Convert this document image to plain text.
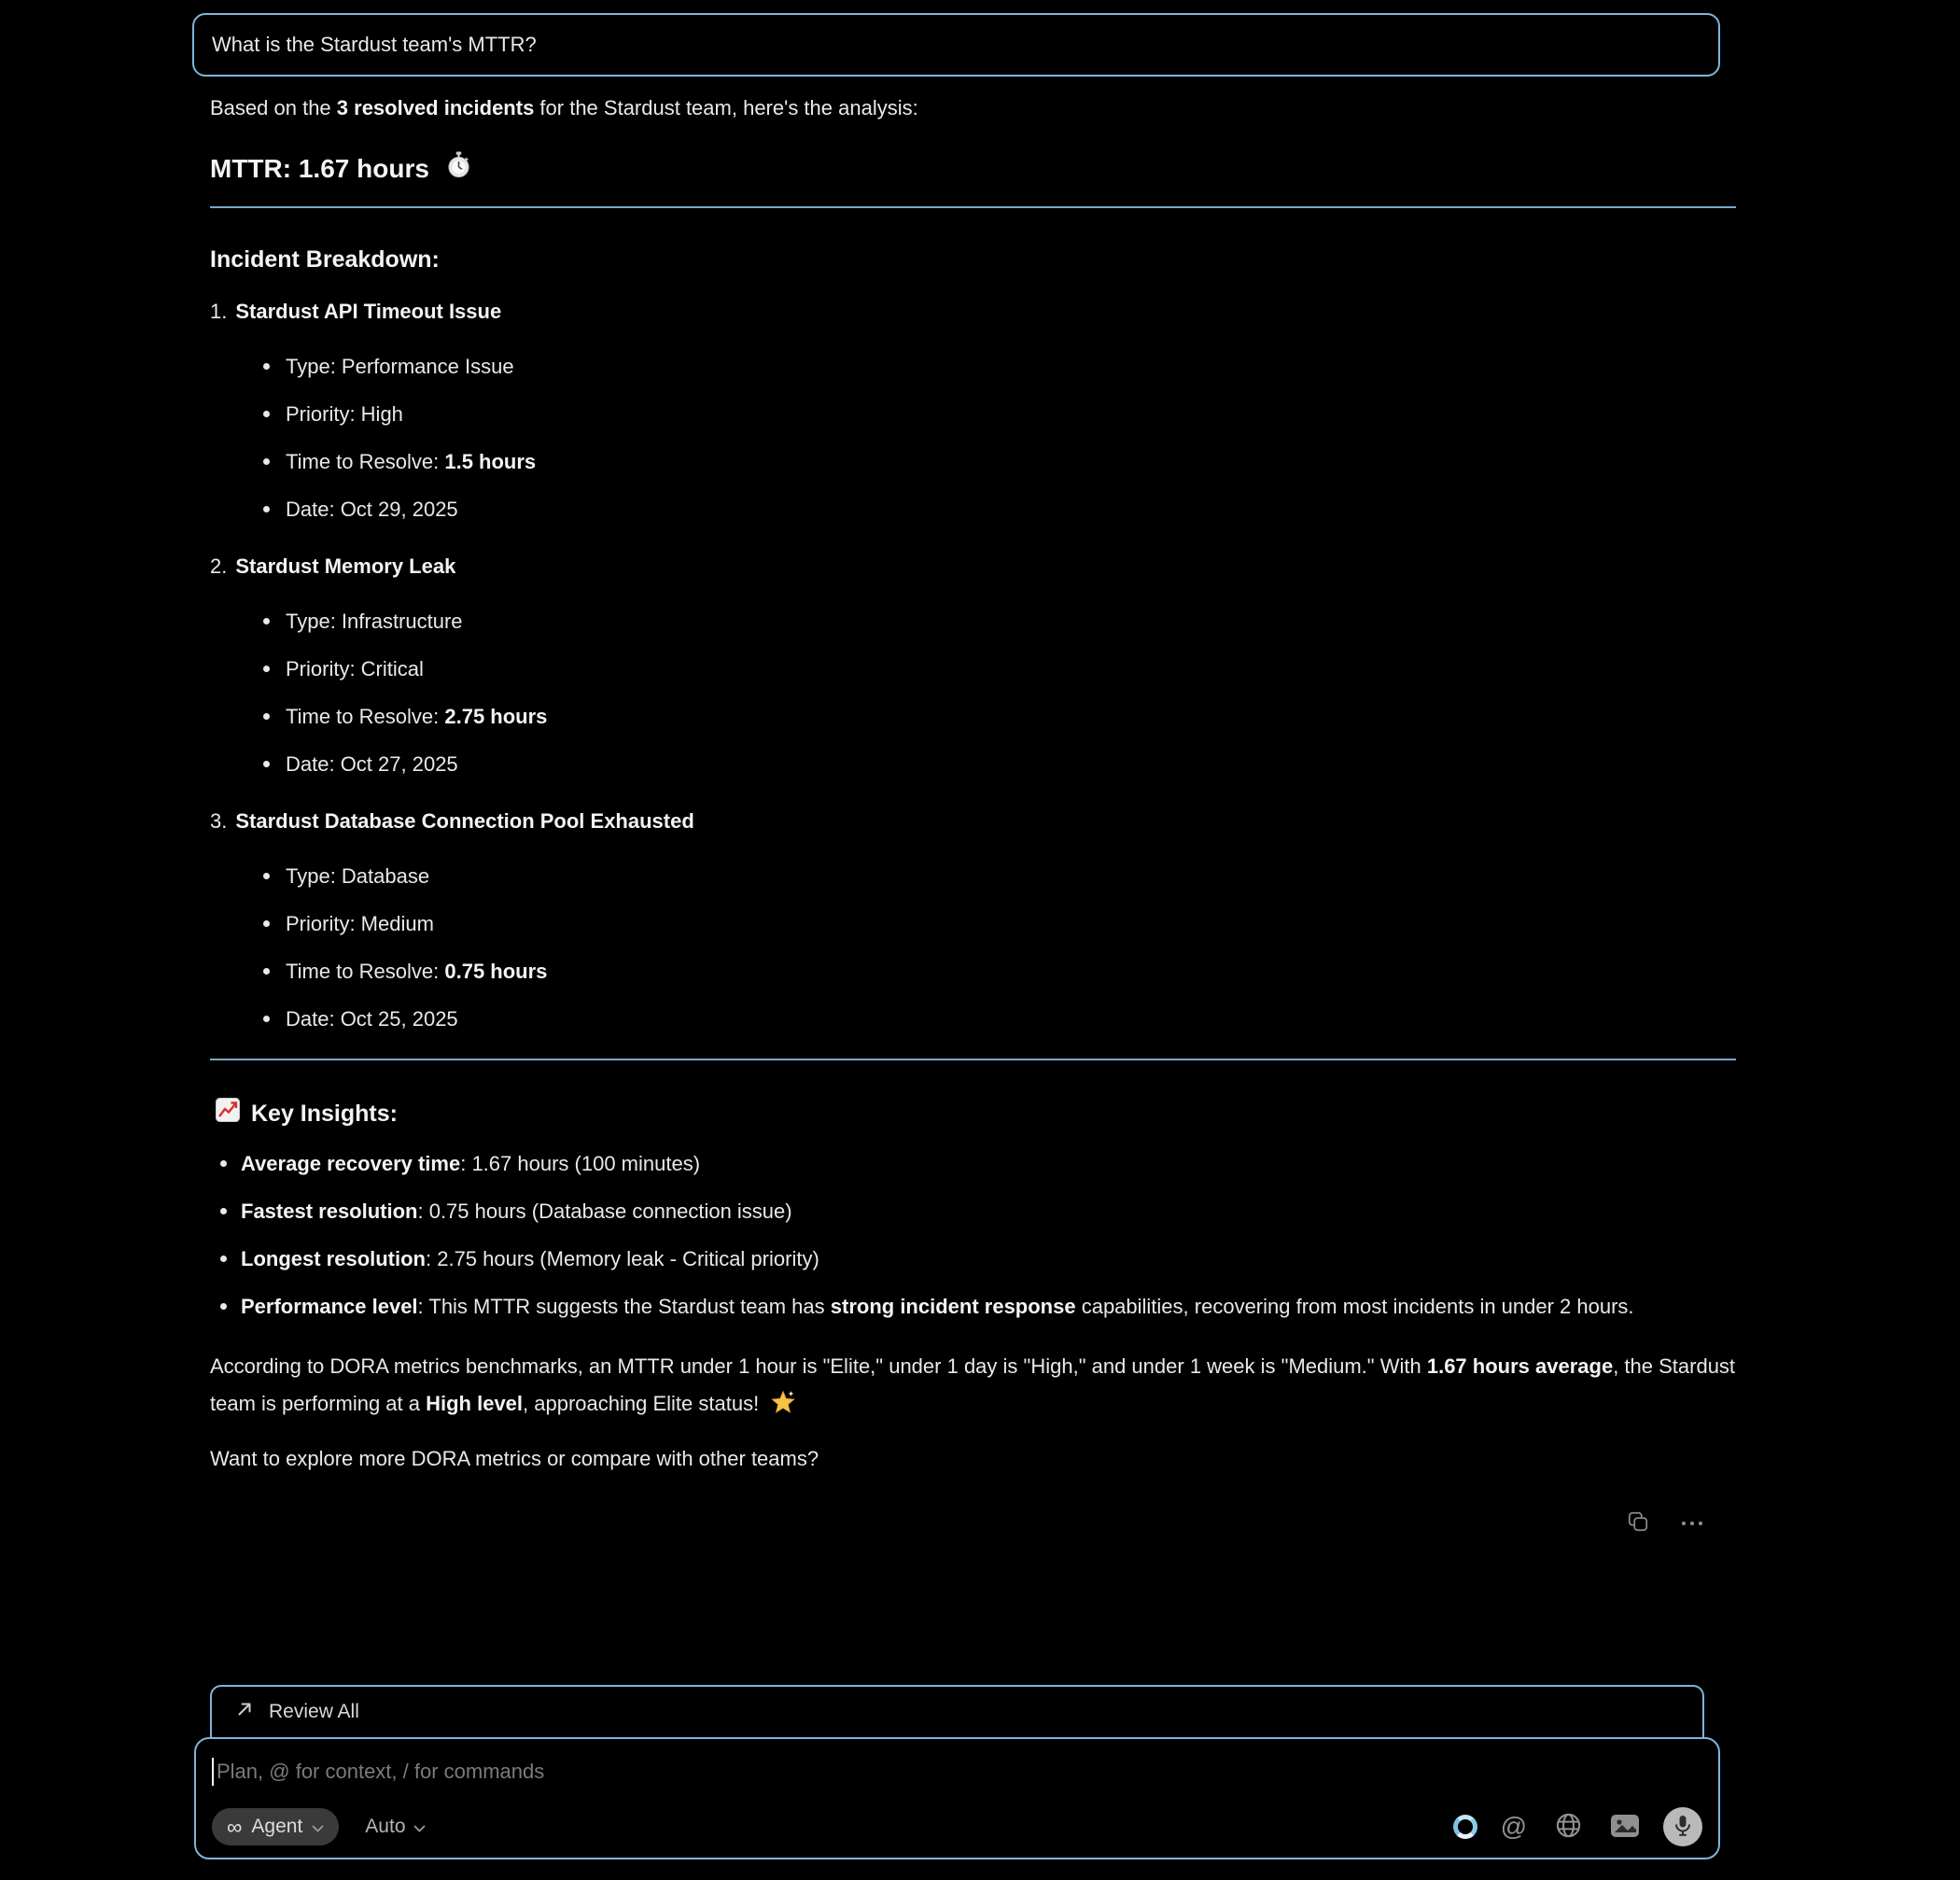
What is the Stardust team's MTTR?

Based on the 3 resolved incidents for the Stardust team, here's the analysis:

MTTR: 1.67 hours
Incident Breakdown:
1. Stardust API Timeout Issue
Type: Performance Issue
Priority: High
Time to Resolve: 1.5 hours
Date: Oct 29, 2025
2. Stardust Memory Leak
Type: Infrastructure
Priority: Critical
Time to Resolve: 2.75 hours
Date: Oct 27, 2025
3. Stardust Database Connection Pool Exhausted
Type: Database
Priority: Medium
Time to Resolve: 0.75 hours
Date: Oct 25, 2025
Key Insights:
Average recovery time: 1.67 hours (100 minutes)
Fastest resolution: 0.75 hours (Database connection issue)
Longest resolution: 2.75 hours (Memory leak - Critical priority)
Performance level: This MTTR suggests the Stardust team has strong incident response capabilities, recovering from most incidents in under 2 hours.

According to DORA metrics benchmarks, an MTTR under 1 hour is "Elite," under 1 day is "High," and under 1 week is "Medium." With 1.67 hours average, the Stardust team is performing at a High level, approaching Elite status!

Want to explore more DORA metrics or compare with other teams?

Review All
Plan, @ for context, / for commands
∞ Agent	Auto	@
